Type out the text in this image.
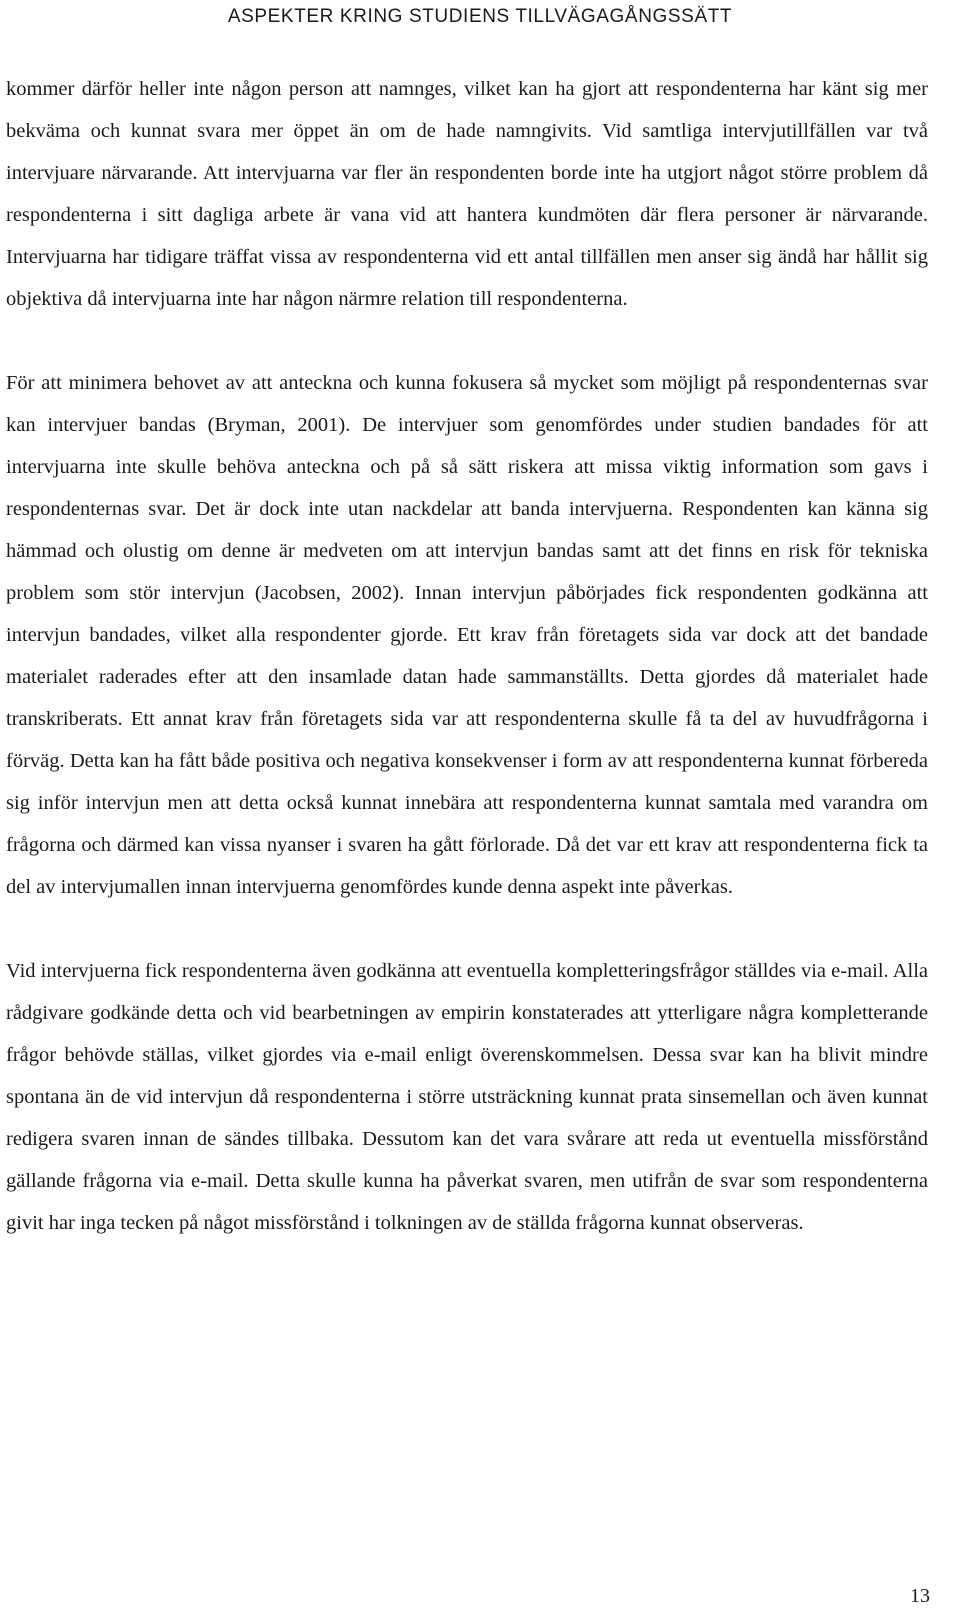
ASPEKTER KRING STUDIENS TILLVÄGAGÅNGSSÄTT

kommer därför heller inte någon person att namnges, vilket kan ha gjort att respondenterna har känt sig mer bekväma och kunnat svara mer öppet än om de hade namngivits. Vid samtliga intervjutillfällen var två intervjuare närvarande. Att intervjuarna var fler än respondenten borde inte ha utgjort något större problem då respondenterna i sitt dagliga arbete är vana vid att hantera kundmöten där flera personer är närvarande. Intervjuarna har tidigare träffat vissa av respondenterna vid ett antal tillfällen men anser sig ändå har hållit sig objektiva då intervjuarna inte har någon närmre relation till respondenterna.

För att minimera behovet av att anteckna och kunna fokusera så mycket som möjligt på respondenternas svar kan intervjuer bandas (Bryman, 2001). De intervjuer som genomfördes under studien bandades för att intervjuarna inte skulle behöva anteckna och på så sätt riskera att missa viktig information som gavs i respondenternas svar. Det är dock inte utan nackdelar att banda intervjuerna. Respondenten kan känna sig hämmad och olustig om denne är medveten om att intervjun bandas samt att det finns en risk för tekniska problem som stör intervjun (Jacobsen, 2002). Innan intervjun påbörjades fick respondenten godkänna att intervjun bandades, vilket alla respondenter gjorde. Ett krav från företagets sida var dock att det bandade materialet raderades efter att den insamlade datan hade sammanställts. Detta gjordes då materialet hade transkriberats. Ett annat krav från företagets sida var att respondenterna skulle få ta del av huvudfrågorna i förväg. Detta kan ha fått både positiva och negativa konsekvenser i form av att respondenterna kunnat förbereda sig inför intervjun men att detta också kunnat innebära att respondenterna kunnat samtala med varandra om frågorna och därmed kan vissa nyanser i svaren ha gått förlorade. Då det var ett krav att respondenterna fick ta del av intervjumallen innan intervjuerna genomfördes kunde denna aspekt inte påverkas.

Vid intervjuerna fick respondenterna även godkänna att eventuella kompletteringsfrågor ställdes via e-mail. Alla rådgivare godkände detta och vid bearbetningen av empirin konstaterades att ytterligare några kompletterande frågor behövde ställas, vilket gjordes via e-mail enligt överenskommelsen. Dessa svar kan ha blivit mindre spontana än de vid intervjun då respondenterna i större utsträckning kunnat prata sinsemellan och även kunnat redigera svaren innan de sändes tillbaka. Dessutom kan det vara svårare att reda ut eventuella missförstånd gällande frågorna via e-mail. Detta skulle kunna ha påverkat svaren, men utifrån de svar som respondenterna givit har inga tecken på något missförstånd i tolkningen av de ställda frågorna kunnat observeras.

13
